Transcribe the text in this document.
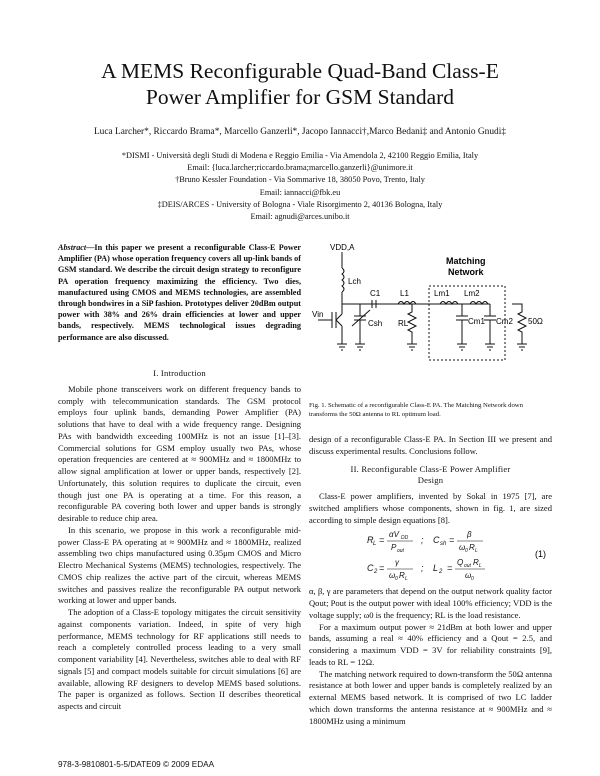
A MEMS Reconfigurable Quad-Band Class-E
Power Amplifier for GSM Standard
Luca Larcher*, Riccardo Brama*, Marcello Ganzerli*, Jacopo Iannacci†,Marco Bedani‡ and Antonio Gnudi‡
*DISMI - Università degli Studi di Modena e Reggio Emilia - Via Amendola 2, 42100 Reggio Emilia, Italy
Email: {luca.larcher;riccardo.brama;marcello.ganzerli}@unimore.it
†Bruno Kessler Foundation - Via Sommarive 18, 38050 Povo, Trento, Italy
Email: iannacci@fbk.eu
‡DEIS/ARCES - University of Bologna - Viale Risorgimento 2, 40136 Bologna, Italy
Email: agnudi@arces.unibo.it
Abstract—In this paper we present a reconfigurable Class-E Power Amplifier (PA) whose operation frequency covers all up-link bands of GSM standard. We describe the circuit design strategy to reconfigure PA operation frequency maximizing the efficiency. Two dies, manufactured using CMOS and MEMS technologies, are assembled through bondwires in a SiP fashion. Prototypes deliver 20dBm output power with 38% and 26% drain efficiencies at lower and upper bands, respectively. MEMS technological issues degrading performance are also discussed.
I. Introduction

Mobile phone transceivers work on different frequency bands to comply with telecommunication standards. The GSM protocol employs four uplink bands, demanding Power Amplifier (PA) solutions that have to deal with a wide frequency range. Designing PAs with bandwidth exceeding 100MHz is not an issue [1]–[3]. Commercial solutions for GSM employ usually two PAs, whose operation frequencies are centered at ≈ 900MHz and ≈ 1800MHz to allow signal amplification at lower or upper bands, respectively [2]. Unfortunately, this solution requires to duplicate the circuit, even though just one PA is operating at a time. For this reason, a reconfigurable PA covering both lower and upper bands is strongly desirable to reduce chip area.

In this scenario, we propose in this work a reconfigurable mid-power Class-E PA operating at ≈ 900MHz and ≈ 1800MHz, realized assembling two chips manufactured using 0.35μm CMOS and Micro Electro Mechanical Systems (MEMS) technologies, respectively. The CMOS chip realizes the active part of the circuit, whereas MEMS switches and passives realize the reconfigurable PA output network working at lower and upper bands.

The adoption of a Class-E topology mitigates the circuit sensitivity against components variation. Indeed, in spite of very high performance, MEMS technology for RF applications still needs to reach a completely controlled process leading to a very small component variability [4]. Nevertheless, switches able to deal with RF signals [5] and compact models suitable for circuit simulations [6] are available, allowing RF designers to develop MEMS based solutions. The paper is organized as follows. Section II describes theoretical aspects and circuit

VDD,A
Lch
C1 L1
Vin
Csh RL
Lm1 Lm2
Cm1 Cm2 50Ω
Matching
Network
Fig. 1. Schematic of a reconfigurable Class-E PA. The Matching Network down transforms the 50Ω antenna to RL optimum load.

design of a reconfigurable Class-E PA. In Section III we present and discuss experimental results. Conclusions follow.

II. Reconfigurable Class-E Power Amplifier
Design

Class-E power amplifiers, invented by Sokal in 1975 [7], are switched amplifiers whose components, shown in fig. 1, are sized according to simple design equations [8].

R L =
αV DD
P out
; C sh =
β
ω 0 R L
C 2 =
γ
ω 0 R L
; L 2 =
Q out R L
ω 0
(1)

α, β, γ are parameters that depend on the output network quality factor Qout; Pout is the output power with ideal 100% efficiency; VDD is the voltage supply; ω0 is the frequency; RL is the load resistance.

For a maximum output power ≈ 21dBm at both lower and upper bands, assuming a real ≈ 40% efficiency and a Qout = 2.5, and considering a maximum VDD = 3V for reliability constraints [9], leads to RL = 12Ω.

The matching network required to down-transform the 50Ω antenna resistance at both lower and upper bands is completely realized by an external MEMS based network. It is comprised of two LC ladder which down transforms the antenna resistance at ≈ 900MHz and ≈ 1800MHz using a minimum

978-3-9810801-5-5/DATE09 © 2009 EDAA
